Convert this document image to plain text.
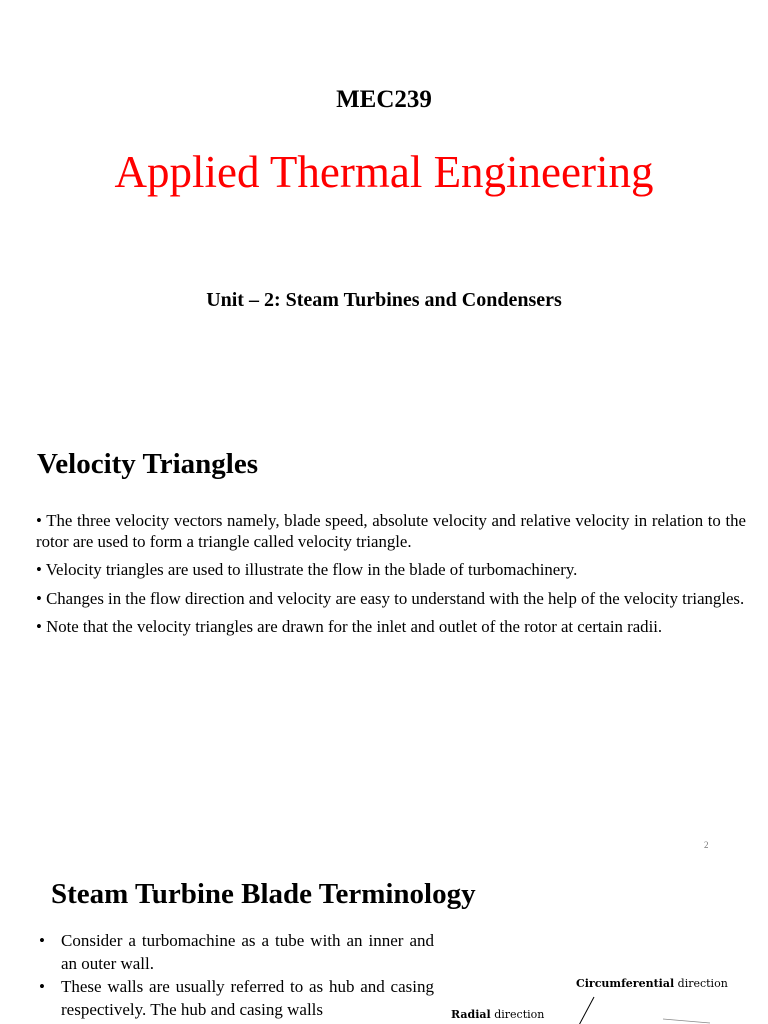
MEC239
Applied Thermal Engineering
Unit – 2: Steam Turbines and Condensers
Velocity Triangles
• The three velocity vectors namely, blade speed, absolute velocity and relative velocity in relation to the rotor are used to form a triangle called velocity triangle.
• Velocity triangles are used to illustrate the flow in the blade of turbomachinery.
• Changes in the flow direction and velocity are easy to understand with the help of the velocity triangles.
• Note that the velocity triangles are drawn for the inlet and outlet of the rotor at certain radii.
2
Steam Turbine Blade Terminology
• Consider a turbomachine as a tube with an inner and an outer wall.
• These walls are usually referred to as hub and casing respectively. The hub and casing walls
Circumferential direction
Radial direction
